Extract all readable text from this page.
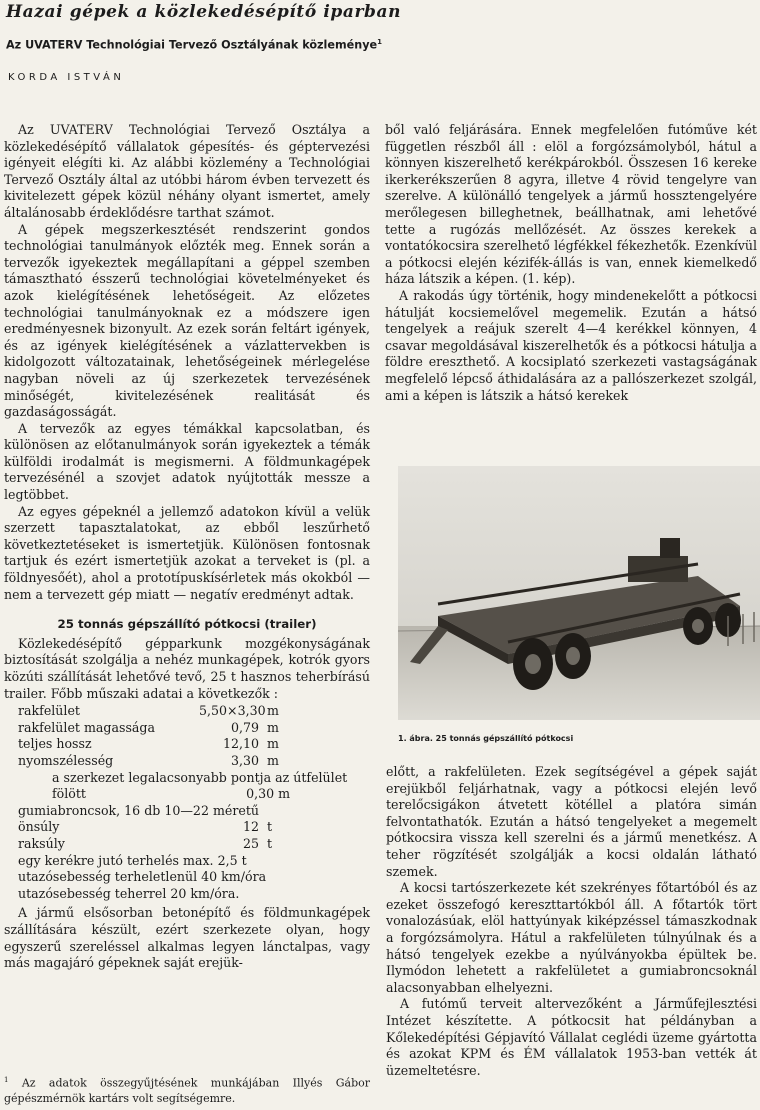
Hazai gépek a közlekedésépítő iparban
Az UVATERV Technológiai Tervező Osztályának közleménye$^1$
KORDA ISTVÁN

Az UVATERV Technológiai Tervező Osztálya a közlekedésépítő vállalatok gépesítés- és géptervezési igényeit elégíti ki. Az alábbi közlemény a Technológiai Tervező Osztály által az utóbbi három évben tervezett és kivitelezett gépek közül néhány olyant ismertet, amely általánosabb érdeklődésre tarthat számot.

A gépek megszerkesztését rendszerint gondos technológiai tanulmányok előzték meg. Ennek során a tervezők igyekeztek megállapítani a géppel szemben támasztható ésszerű technológiai követelményeket és azok kielégítésének lehetőségeit. Az előzetes technológiai tanulmányoknak ez a módszere igen eredményesnek bizonyult. Az ezek során feltárt igények, és az igények kielégítésének a vázlattervekben is kidolgozott változatainak, lehetőségeinek mérlegelése nagyban növeli az új szerkezetek tervezésének minőségét, kivitelezésének realitását és gazdaságosságát.

A tervezők az egyes témákkal kapcsolatban, és különösen az előtanulmányok során igyekeztek a témák külföldi irodalmát is megismerni. A földmunkagépek tervezésénél a szovjet adatok nyújtották messze a legtöbbet.

Az egyes gépeknél a jellemző adatokon kívül a velük szerzett tapasztalatokat, az ebből leszűrhető következtetéseket is ismertetjük. Különösen fontosnak tartjuk és ezért ismertetjük azokat a terveket is (pl. a földnyesőét), ahol a prototípuskísérletek más okokból — nem a tervezett gép miatt — negatív eredményt adtak.

25 tonnás gépszállító pótkocsi (trailer)

Közlekedésépítő gépparkunk mozgékonyságának biztosítását szolgálja a nehéz munkagépek, kotrók gyors közúti szállítását lehetővé tevő, 25 t hasznos teherbírású trailer. Főbb műszaki adatai a következők :

rakfelület	5,50×3,30 m
rakfelület magassága	0,79 m
teljes hossz	12,10 m
nyomszélesség	3,30 m
a szerkezet legalacsonyabb pontja az útfelület
fölött                                        0,30 m
gumiabroncsok, 16 db 10—22 méretű
önsúly	12 t
raksúly	25 t
egy kerékre jutó terhelés max. 2,5 t
utazósebesség terheletlenül 40 km/óra
utazósebesség teherrel 20 km/óra.

A jármű elsősorban betonépítő és földmunkagépek szállítására készült, ezért szerkezete olyan, hogy egyszerű szereléssel alkalmas legyen lánctalpas, vagy más magajáró gépeknek saját erejük-

$^1$ Az adatok összegyűjtésének munkájában Illyés Gábor gépészmérnök kartárs volt segítségemre.

ből való feljárására. Ennek megfelelően futóműve két független részből áll : elöl a forgózsámolyból, hátul a könnyen kiszerelhető kerékpárokból. Összesen 16 kereke ikerkerékszerűen 8 agyra, illetve 4 rövid tengelyre van szerelve. A különálló tengelyek a jármű hossztengelyére merőlegesen billeghetnek, beállhatnak, ami lehetővé tette a rugózás mellőzését. Az összes kerekek a vontatókocsira szerelhető légfékkel fékezhetők. Ezenkívül a pótkocsi elején kézifék-állás is van, ennek kiemelkedő háza látszik a képen. (1. kép).

A rakodás úgy történik, hogy mindenekelőtt a pótkocsi hátulját kocsiemelővel megemelik. Ezután a hátsó tengelyek a reájuk szerelt 4—4 kerékkel könnyen, 4 csavar megoldásával kiszerelhetők és a pótkocsi hátulja a földre ereszthető. A kocsiplató szerkezeti vastagságának megfelelő lépcső áthidalására az a pallószerkezet szolgál, ami a képen is látszik a hátsó kerekek

1. ábra. 25 tonnás gépszállító pótkocsi

előtt, a rakfelületen. Ezek segítségével a gépek saját erejükből feljárhatnak, vagy a pótkocsi elején levő terelőcsigákon átvetett kötéllel a platóra simán felvontathatók. Ezután a hátsó tengelyeket a megemelt pótkocsira vissza kell szerelni és a jármű menetkész. A teher rögzítését szolgálják a kocsi oldalán látható szemek.

A kocsi tartószerkezete két szekrényes főtartóból és az ezeket összefogó kereszttartókból áll. A főtartók tört vonalozásúak, elöl hattyúnyak kiképzéssel támaszkodnak a forgózsámolyra. Hátul a rakfelületen túlnyúlnak és a hátsó tengelyek ezekbe a nyúlványokba épültek be. Ilymódon lehetett a rakfelületet a gumiabroncsoknál alacsonyabban elhelyezni.

A futómű terveit altervezőként a Járműfejlesztési Intézet készítette. A pótkocsit hat példányban a Kőlekedépítési Gépjavító Vállalat ceglédi üzeme gyártotta és azokat KPM és ÉM vállalatok 1953-ban vették át üzemeltetésre.
